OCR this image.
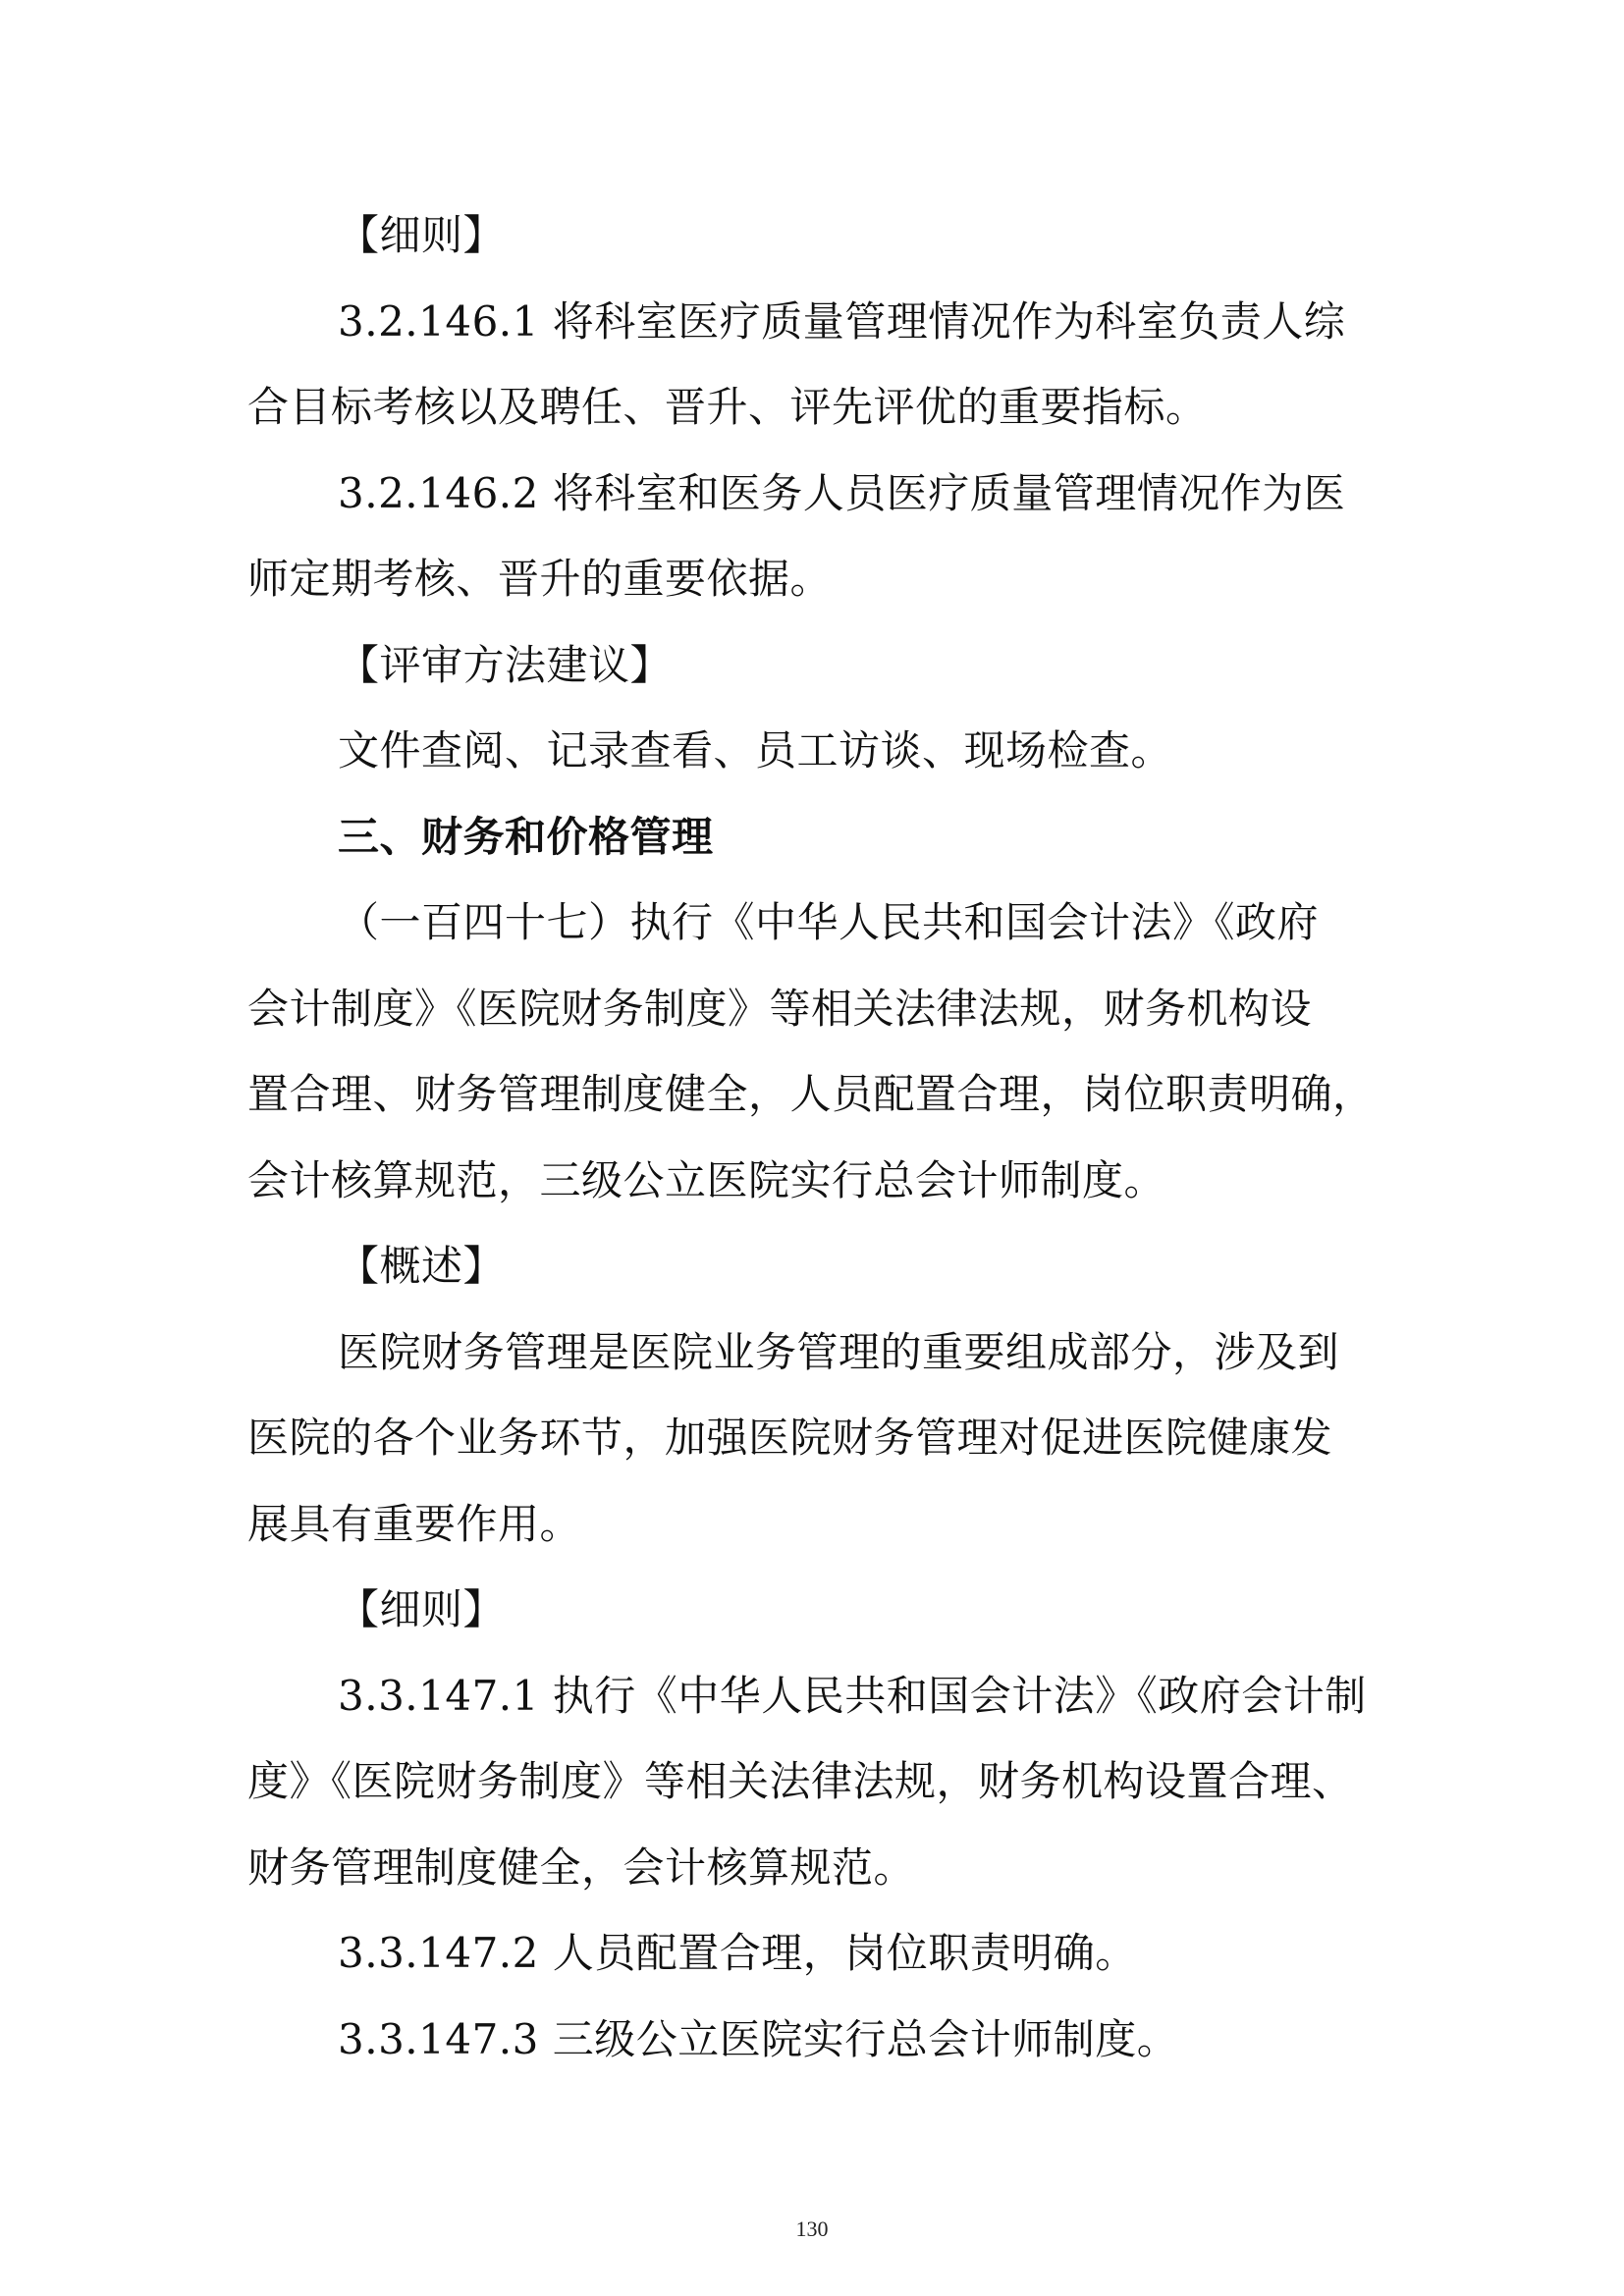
【细则】
3.2.146.1 将科室医疗质量管理情况作为科室负责人综
合目标考核以及聘任、晋升、评先评优的重要指标。
3.2.146.2 将科室和医务人员医疗质量管理情况作为医
师定期考核、晋升的重要依据。
【评审方法建议】
文件查阅、记录查看、员工访谈、现场检查。
三、财务和价格管理
（一百四十七）执行《中华人民共和国会计法》《政府
会计制度》《医院财务制度》等相关法律法规，财务机构设
置合理、财务管理制度健全，人员配置合理，岗位职责明确，
会计核算规范，三级公立医院实行总会计师制度。
【概述】
医院财务管理是医院业务管理的重要组成部分，涉及到
医院的各个业务环节，加强医院财务管理对促进医院健康发
展具有重要作用。
【细则】
3.3.147.1 执行《中华人民共和国会计法》《政府会计制
度》《医院财务制度》等相关法律法规，财务机构设置合理、
财务管理制度健全，会计核算规范。
3.3.147.2 人员配置合理，岗位职责明确。
3.3.147.3 三级公立医院实行总会计师制度。
130
